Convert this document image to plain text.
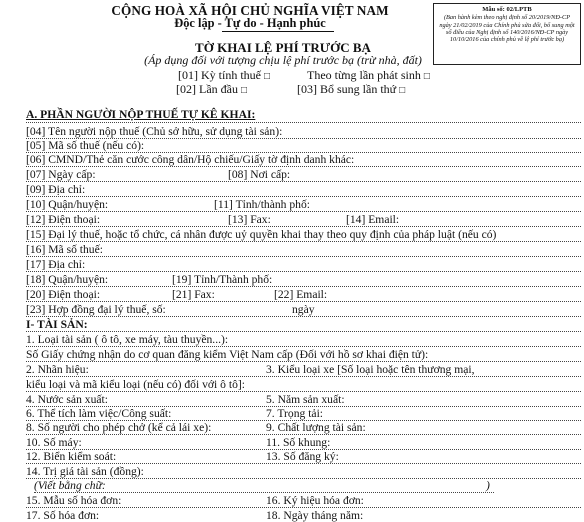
CỘNG HOÀ XÃ HỘI CHỦ NGHĨA VIỆT NAM
Độc lập - Tự do - Hạnh phúc
Mẫu số: 02/LPTB
(Ban hành kèm theo nghị định số 20/2019/NĐ-CP ngày 21/02/2019 của Chính phủ sửa đổi, bổ sung một số điều của Nghị định số 140/2016/NĐ-CP ngày 10/10/2016 của chính phủ về lệ phí trước bạ)
TỜ KHAI LỆ PHÍ TRƯỚC BẠ
(Áp dụng đối với tượng chịu lệ phí trước bạ (trừ nhà, đất)
[01] Kỳ tính thuế □	Theo từng lần phát sinh □
[02] Lần đầu □	[03] Bổ sung lần thứ □
A. PHẦN NGƯỜI NỘP THUẾ TỰ KÊ KHAI:
[04] Tên người nộp thuế (Chủ sở hữu, sử dụng tài sản):
[05] Mã số thuế (nếu có):
[06] CMND/Thẻ căn cước công dân/Hộ chiếu/Giấy tờ định danh khác:
[07] Ngày cấp:	[08] Nơi cấp:
[09] Địa chỉ:
[10] Quận/huyện:	[11] Tỉnh/thành phố:
[12] Điện thoại:	[13] Fax:	[14] Email:
[15] Đại lý thuế, hoặc tổ chức, cá nhân được uỷ quyền khai thay theo quy định của pháp luật (nếu có)
[16] Mã số thuế:
[17] Địa chỉ:
[18] Quận/huyện:	[19] Tỉnh/Thành phố:
[20] Điện thoại:	[21] Fax:	[22] Email:
[23] Hợp đồng đại lý thuế, số:	ngày
I- TÀI SẢN:
1. Loại tài sản ( ô tô, xe máy, tàu thuyền...):
Số Giấy chứng nhận do cơ quan đăng kiểm Việt Nam cấp (Đối với hồ sơ khai điện tử):
2. Nhãn hiệu:	3. Kiểu loại xe [Số loại hoặc tên thương mại,
kiểu loại và mã kiểu loại (nếu có) đối với ô tô]:
4. Nước sản xuất:	5. Năm sản xuất:
6. Thể tích làm việc/Công suất:	7. Trọng tải:
8. Số người cho phép chở (kể cả lái xe):	9. Chất lượng tài sản:
10. Số máy:	11. Số khung:
12. Biển kiểm soát:	13. Số đăng ký:
14. Trị giá tài sản (đồng):
(Viết bằng chữ:	)
15. Mẫu số hóa đơn:	16. Ký hiệu hóa đơn:
17. Số hóa đơn:	18. Ngày tháng năm:
